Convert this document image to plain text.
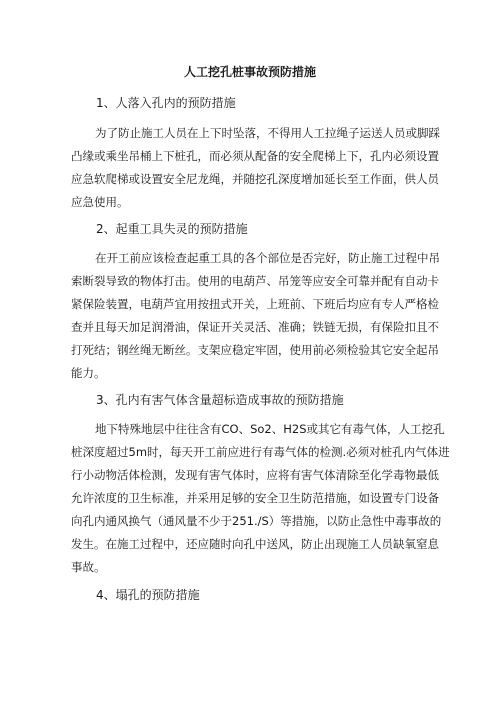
人工挖孔桩事故预防措施
1、人落入孔内的预防措施
为了防止施工人员在上下时坠落，不得用人工拉绳子运送人员或脚踩
凸缘或乘坐吊桶上下桩孔，而必须从配备的安全爬梯上下，孔内必须设置
应急软爬梯或设置安全尼龙绳，并随挖孔深度增加延长至工作面，供人员
应急使用。
2、起重工具失灵的预防措施
在开工前应该检查起重工具的各个部位是否完好，防止施工过程中吊
索断裂导致的物体打击。使用的电葫芦、吊笼等应安全可靠并配有自动卡
紧保险装置，电葫芦宜用按扭式开关，上班前、下班后均应有专人严格检
查并且每天加足润滑油，保证开关灵活、准确；铁链无损，有保险扣且不
打死结；钢丝绳无断丝。支架应稳定牢固，使用前必须检验其它安全起吊
能力。
3、孔内有害气体含量超标造成事故的预防措施
地下特殊地层中往往含有CO、So2、H2S或其它有毒气体，人工挖孔
桩深度超过5m时，每天开工前应进行有毒气体的检测.必须对桩孔内气体进
行小动物活体检测，发现有害气体时，应将有害气体清除至化学毒物最低
允许浓度的卫生标准，并采用足够的安全卫生防范措施，如设置专门设备
向孔内通风换气（通风量不少于251./S）等措施，以防止急性中毒事故的
发生。在施工过程中，还应随时向孔中送风，防止出现施工人员缺氧窒息
事故。
4、塌孔的预防措施
